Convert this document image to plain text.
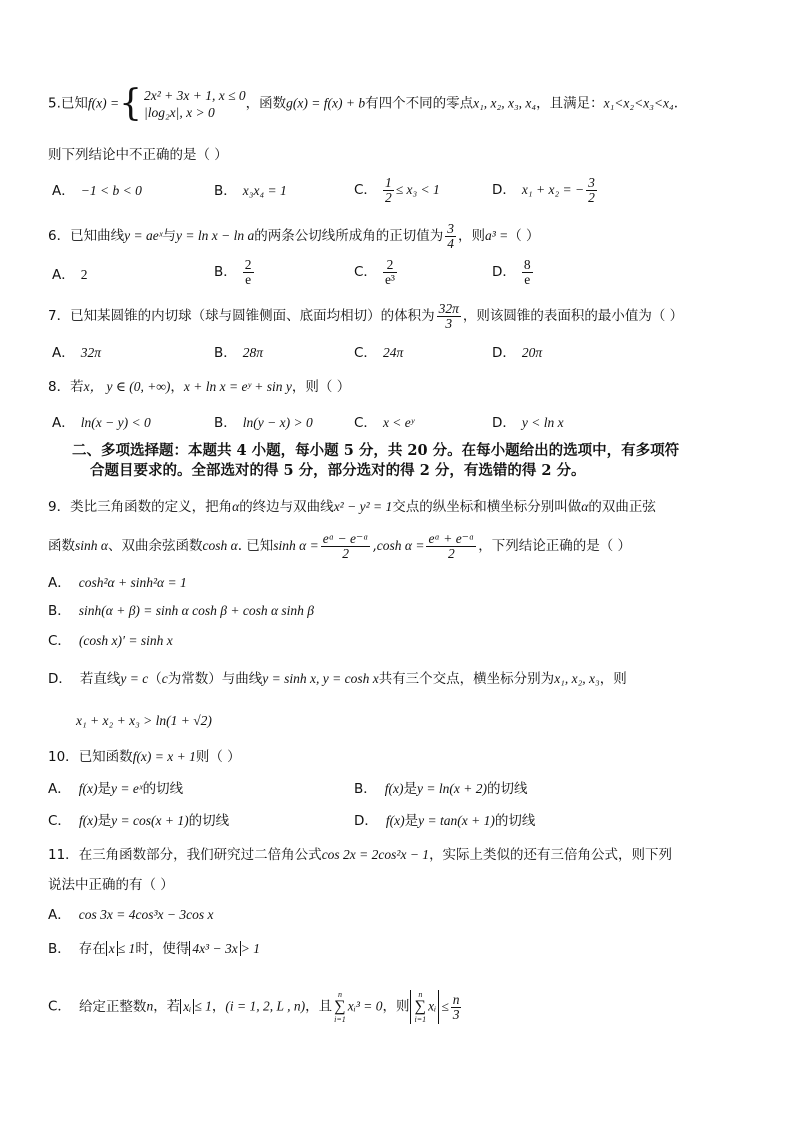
5.已知f(x) ={ 2x² + 3x + 1, x ≤ 0
|log₂x|, x > 0
，函数g(x) = f(x) + b有四个不同的零点x₁, x₂, x₃, x₄，且满足：x₁<x₂<x₃<x₄.
则下列结论中不正确的是（ ）
A． −1 < b < 0	B． x₃x₄ = 1	C． $\frac{1}{2} \le x_3 < 1$	D． x₁ + x₂ = − $\frac{3}{2}$
6．已知曲线y = aeˣ与y = ln x − ln a的两条公切线所成角的正切值为 $\frac{3}{4}$ ，则a³ =（ ）
A． 2	B． $\frac{2}{e}$	C． $\frac{2}{\text{e³}}$	D． $\frac{8}{e}$
7．已知某圆锥的内切球（球与圆锥侧面、底面均相切）的体积为 $\frac{32\pi}{3}$ ，则该圆锥的表面积的最小值为（ ）
A． 32π	B． 28π	C． 24π	D． 20π
8．若x， y ∈ (0, +∞)，x + ln x = eʸ + sin y，则（ ）
A． ln(x − y) < 0	B． ln(y − x) > 0	C． x < eʸ	D． y < ln x
二、多项选择题：本题共 4 小题，每小题 5 分，共 20 分。在每小题给出的选项中，有多项符
合题目要求的。全部选对的得 5 分，部分选对的得 2 分，有选错的得 2 分。
9．类比三角函数的定义，把角α的终边与双曲线x² − y² = 1交点的纵坐标和横坐标分别叫做α的双曲正弦
函数sinh α、双曲余弦函数cosh α. 已知$\sinh \alpha = \frac{\text{eᵅ − e⁻ᵅ}}{2} ,\cosh$ $\alpha = \frac{\text{eᵅ + e⁻ᵅ}}{2}$ ，下列结论正确的是（ ）
A． cosh²α + sinh²α = 1
B． sinh(α + β) = sinh α cosh β + cosh α sinh β
C． (cosh x)′ = sinh x
D． 若直线y = c（c为常数）与曲线y = sinh x, y = cosh x共有三个交点，横坐标分别为x₁, x₂, x₃，则
x₁ + x₂ + x₃ > ln(1 + √2)
10．已知函数f(x) = x + 1则（ ）
A． f(x)是y = eˣ的切线	B． f(x)是y = ln(x + 2)的切线
C． f(x)是y = cos(x + 1)的切线	D． f(x)是y = tan(x + 1)的切线
11．在三角函数部分，我们研究过二倍角公式cos 2x = 2cos²x − 1，实际上类似的还有三倍角公式，则下列
说法中正确的有（ ）
A． cos 3x = 4cos³x − 3cos x
B． 存在 x ≤ 1时，使得 4x³ − 3x > 1
C． 给定正整数n，若 xᵢ ≤ 1，(i = 1, 2, L , n)，且
n
∑
i=1
xᵢ³ = 0，则
n
∑
i=1
xᵢ ≤ $\frac{n}{3}$
